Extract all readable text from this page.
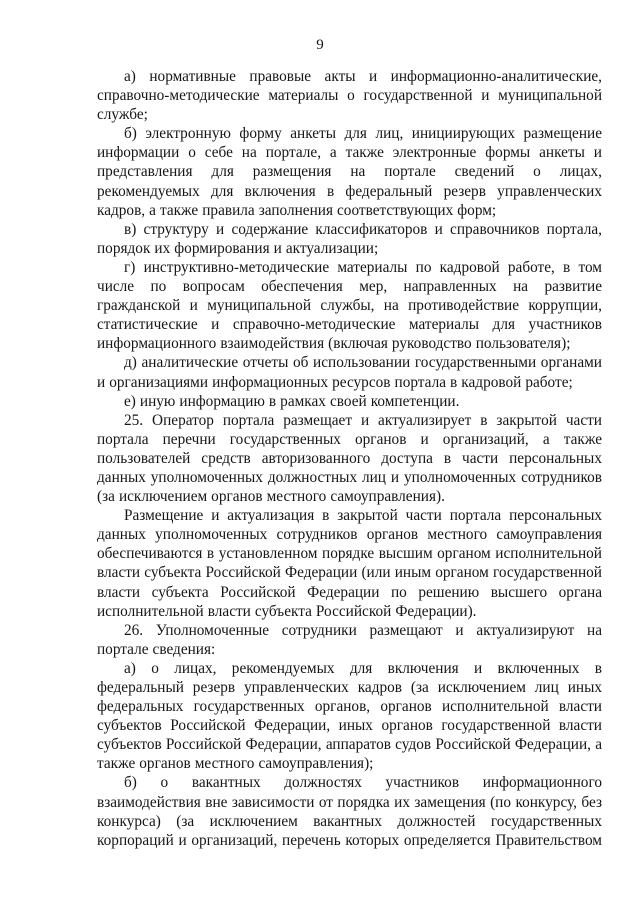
9

а) нормативные правовые акты и информационно-аналитические, справочно-методические материалы о государственной и муниципальной службе;

б) электронную форму анкеты для лиц, инициирующих размещение информации о себе на портале, а также электронные формы анкеты и представления для размещения на портале сведений о лицах, рекомендуемых для включения в федеральный резерв управленческих кадров, а также правила заполнения соответствующих форм;

в) структуру и содержание классификаторов и справочников портала, порядок их формирования и актуализации;

г) инструктивно-методические материалы по кадровой работе, в том числе по вопросам обеспечения мер, направленных на развитие гражданской и муниципальной службы, на противодействие коррупции, статистические и справочно-методические материалы для участников информационного взаимодействия (включая руководство пользователя);

д) аналитические отчеты об использовании государственными органами и организациями информационных ресурсов портала в кадровой работе;

е) иную информацию в рамках своей компетенции.

25. Оператор портала размещает и актуализирует в закрытой части портала перечни государственных органов и организаций, а также пользователей средств авторизованного доступа в части персональных данных уполномоченных должностных лиц и уполномоченных сотрудников (за исключением органов местного самоуправления).

Размещение и актуализация в закрытой части портала персональных данных уполномоченных сотрудников органов местного самоуправления обеспечиваются в установленном порядке высшим органом исполнительной власти субъекта Российской Федерации (или иным органом государственной власти субъекта Российской Федерации по решению высшего органа исполнительной власти субъекта Российской Федерации).

26. Уполномоченные сотрудники размещают и актуализируют на портале сведения:

а) о лицах, рекомендуемых для включения и включенных в федеральный резерв управленческих кадров (за исключением лиц иных федеральных государственных органов, органов исполнительной власти субъектов Российской Федерации, иных органов государственной власти субъектов Российской Федерации, аппаратов судов Российской Федерации, а также органов местного самоуправления);

б) о вакантных должностях участников информационного взаимодействия вне зависимости от порядка их замещения (по конкурсу, без конкурса) (за исключением вакантных должностей государственных корпораций и организаций, перечень которых определяется Правительством
